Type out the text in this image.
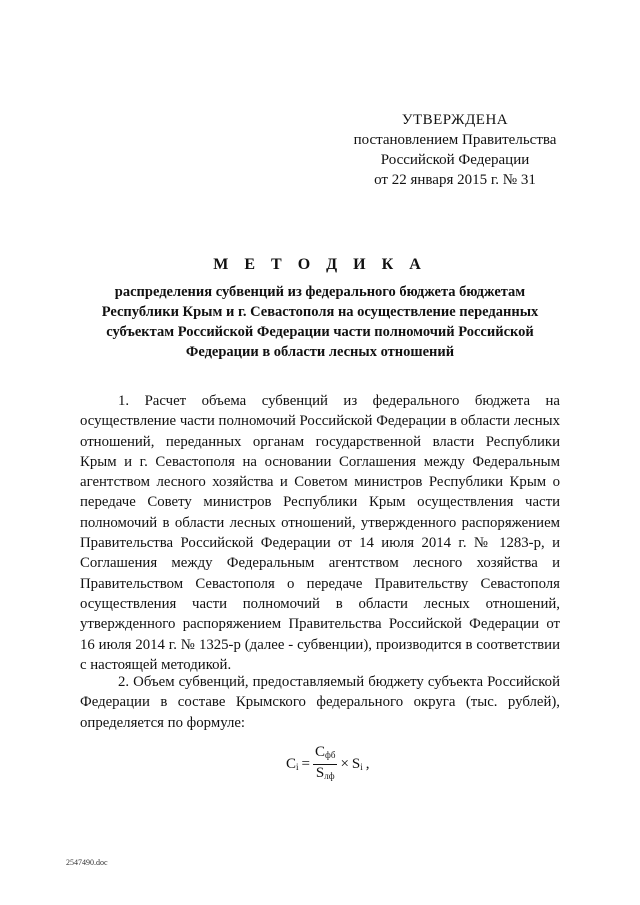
УТВЕРЖДЕНА
постановлением Правительства
Российской Федерации
от 22 января 2015 г. № 31
М Е Т О Д И К А
распределения субвенций из федерального бюджета бюджетам Республики Крым и г. Севастополя на осуществление переданных субъектам Российской Федерации части полномочий Российской Федерации в области лесных отношений

1. Расчет объема субвенций из федерального бюджета на осуществление части полномочий Российской Федерации в области лесных отношений, переданных органам государственной власти Республики Крым и г. Севастополя на основании Соглашения между Федеральным агентством лесного хозяйства и Советом министров Республики Крым о передаче Совету министров Республики Крым осуществления части полномочий в области лесных отношений, утвержденного распоряжением Правительства Российской Федерации от 14 июля 2014 г. № 1283-р, и Соглашения между Федеральным агентством лесного хозяйства и Правительством Севастополя о передаче Правительству Севастополя осуществления части полномочий в области лесных отношений, утвержденного распоряжением Правительства Российской Федерации от 16 июля 2014 г. № 1325-р (далее - субвенции), производится в соответствии с настоящей методикой.

2. Объем субвенций, предоставляемый бюджету субъекта Российской Федерации в составе Крымского федерального округа (тыс. рублей), определяется по формуле:

$C_i = \frac{C_{фб}}{S_{лф}} \times S_i$ ,
2547490.doc
